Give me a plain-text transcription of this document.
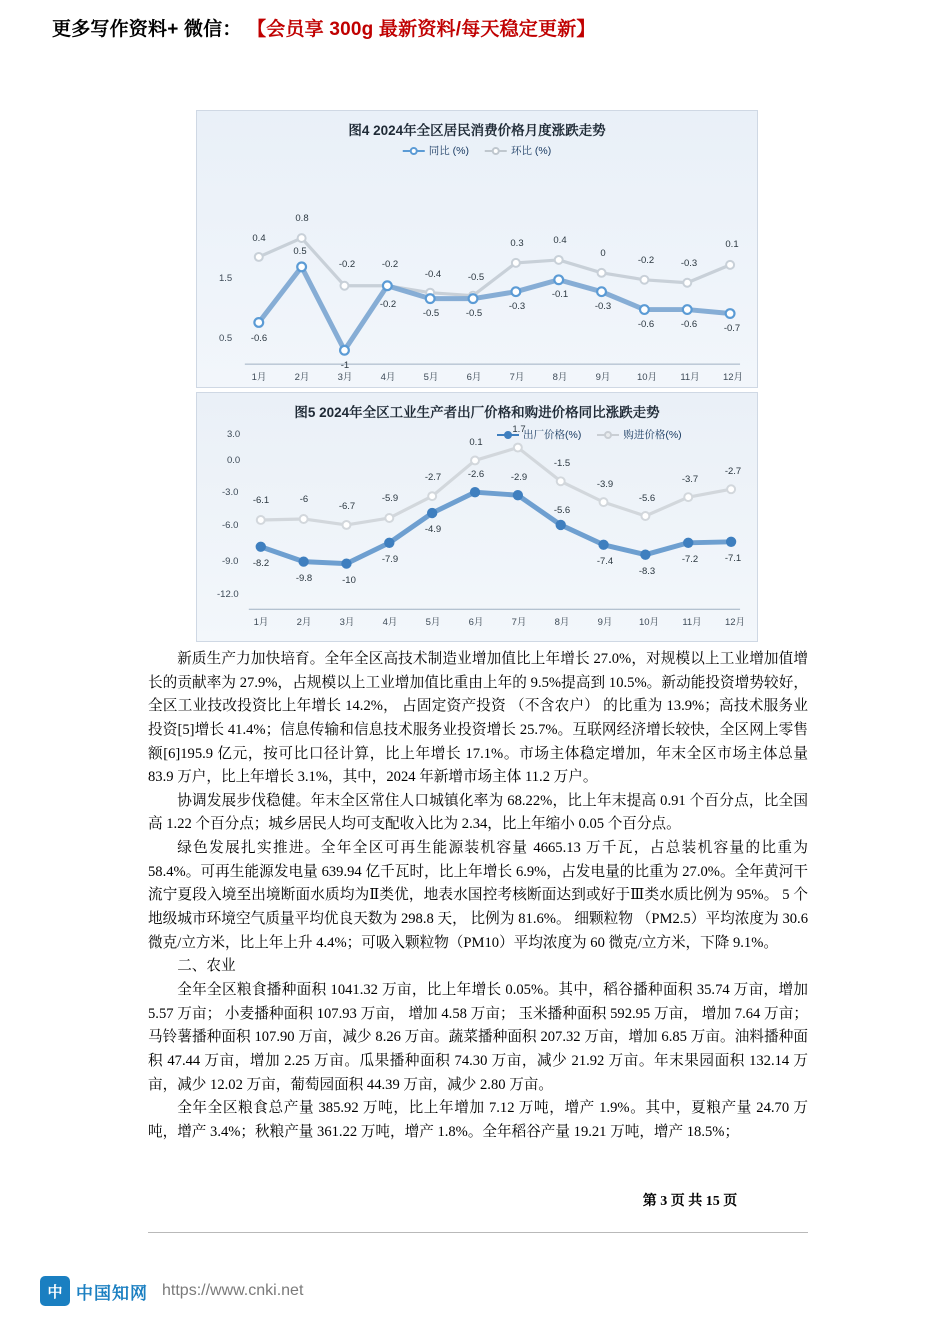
更多写作资料+ 微信： 【会员享 300g 最新资料/每天稳定更新】
图4 2024年全区居民消费价格月度涨跌走势
同比 (%)	环比 (%)
1.5
0.5
0.4
0.8
-0.2	-0.2
-0.4	-0.5
0.3	0.4
0
-0.2	-0.3
0.1
-0.6
0.5
-1
-0.2
-0.5	-0.5
-0.3
-0.1
-0.3
-0.6	-0.6	-0.7
1月	2月	3月	4月	5月	6月	7月	8月	9月	10月	11月	12月
图5 2024年全区工业生产者出厂价格和购进价格同比涨跌走势
出厂价格(%)	购进价格(%)
3.0
0.0
-3.0
-6.0
-9.0
-12.0
-6.1	-6
-6.7
-5.9
-2.7
0.1
1.7
-1.5
-3.9
-5.6
-3.7
-2.7
-8.2
-9.8	-10
-7.9
-4.9
-2.6	-2.9
-5.6
-7.4
-8.3
-7.2	-7.1
1月	2月	3月	4月	5月	6月	7月	8月	9月	10月	11月	12月

新质生产力加快培育。全年全区高技术制造业增加值比上年增长 27.0%，对规模以上工业增加值增长的贡献率为 27.9%，占规模以上工业增加值比重由上年的 9.5%提高到 10.5%。新动能投资增势较好， 全区工业技改投资比上年增长 14.2%， 占固定资产投资 （不含农户） 的比重为 13.9%；高技术服务业投资[5]增长 41.4%；信息传输和信息技术服务业投资增长 25.7%。互联网经济增长较快，全区网上零售额[6]195.9 亿元，按可比口径计算，比上年增长 17.1%。市场主体稳定增加，年末全区市场主体总量 83.9 万户，比上年增长 3.1%，其中，2024 年新增市场主体 11.2 万户。

协调发展步伐稳健。年末全区常住人口城镇化率为 68.22%，比上年末提高 0.91 个百分点，比全国高 1.22 个百分点；城乡居民人均可支配收入比为 2.34，比上年缩小 0.05 个百分点。

绿色发展扎实推进。全年全区可再生能源装机容量 4665.13 万千瓦，占总装机容量的比重为 58.4%。可再生能源发电量 639.94 亿千瓦时，比上年增长 6.9%，占发电量的比重为 27.0%。全年黄河干流宁夏段入境至出境断面水质均为Ⅱ类优，地表水国控考核断面达到或好于Ⅲ类水质比例为 95%。 5 个地级城市环境空气质量平均优良天数为 298.8 天， 比例为 81.6%。 细颗粒物 （PM2.5）平均浓度为 30.6 微克/立方米，比上年上升 4.4%；可吸入颗粒物（PM10）平均浓度为 60 微克/立方米，下降 9.1%。

二、农业

全年全区粮食播种面积 1041.32 万亩，比上年增长 0.05%。其中，稻谷播种面积 35.74 万亩，增加 5.57 万亩； 小麦播种面积 107.93 万亩， 增加 4.58 万亩； 玉米播种面积 592.95 万亩， 增加 7.64 万亩；马铃薯播种面积 107.90 万亩，减少 8.26 万亩。蔬菜播种面积 207.32 万亩，增加 6.85 万亩。油料播种面积 47.44 万亩，增加 2.25 万亩。瓜果播种面积 74.30 万亩，减少 21.92 万亩。年末果园面积 132.14 万亩，减少 12.02 万亩，葡萄园面积 44.39 万亩，减少 2.80 万亩。

全年全区粮食总产量 385.92 万吨，比上年增加 7.12 万吨，增产 1.9%。其中，夏粮产量 24.70 万吨，增产 3.4%；秋粮产量 361.22 万吨，增产 1.8%。全年稻谷产量 19.21 万吨，增产 18.5%；

第 3 页 共 15 页
中 中国知网 https://www.cnki.net
